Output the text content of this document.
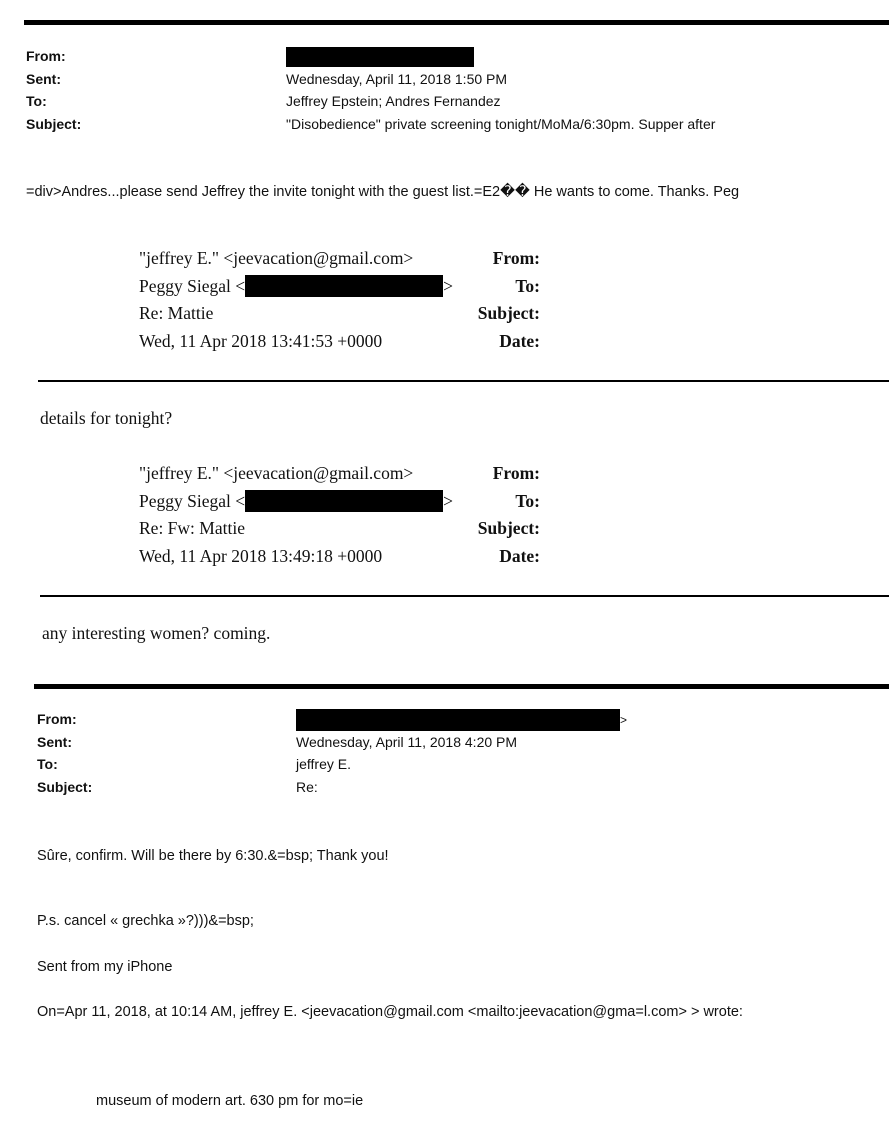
From:
Sent:	Wednesday, April 11, 2018 1:50 PM
To:	Jeffrey Epstein; Andres Fernandez
Subject:	"Disobedience" private screening tonight/MoMa/6:30pm. Supper after
=div>Andres...please send Jeffrey the invite tonight with the guest list.=E2�� He wants to come. Thanks. Peg
From:
"jeffrey E." <jeevacation@gmail.com>
To:
Peggy Siegal <	>
Subject:
Re: Mattie
Date:
Wed, 11 Apr 2018 13:41:53 +0000
details for tonight?
From:
"jeffrey E." <jeevacation@gmail.com>
To:
Peggy Siegal <	>
Subject:
Re: Fw: Mattie
Date:
Wed, 11 Apr 2018 13:49:18 +0000
any interesting women? coming.
From:	>
Sent:	Wednesday, April 11, 2018 4:20 PM
To:	jeffrey E.
Subject:	Re:
Sûre, confirm. Will be there by 6:30.&=bsp; Thank you!
P.s. cancel « grechka »?)))&=bsp;
Sent from my iPhone
On=Apr 11, 2018, at 10:14 AM, jeffrey E. <jeevacation@gmail.com <mailto:jeevacation@gma=l.com> > wrote:
museum of modern art. 630 pm for mo=ie
